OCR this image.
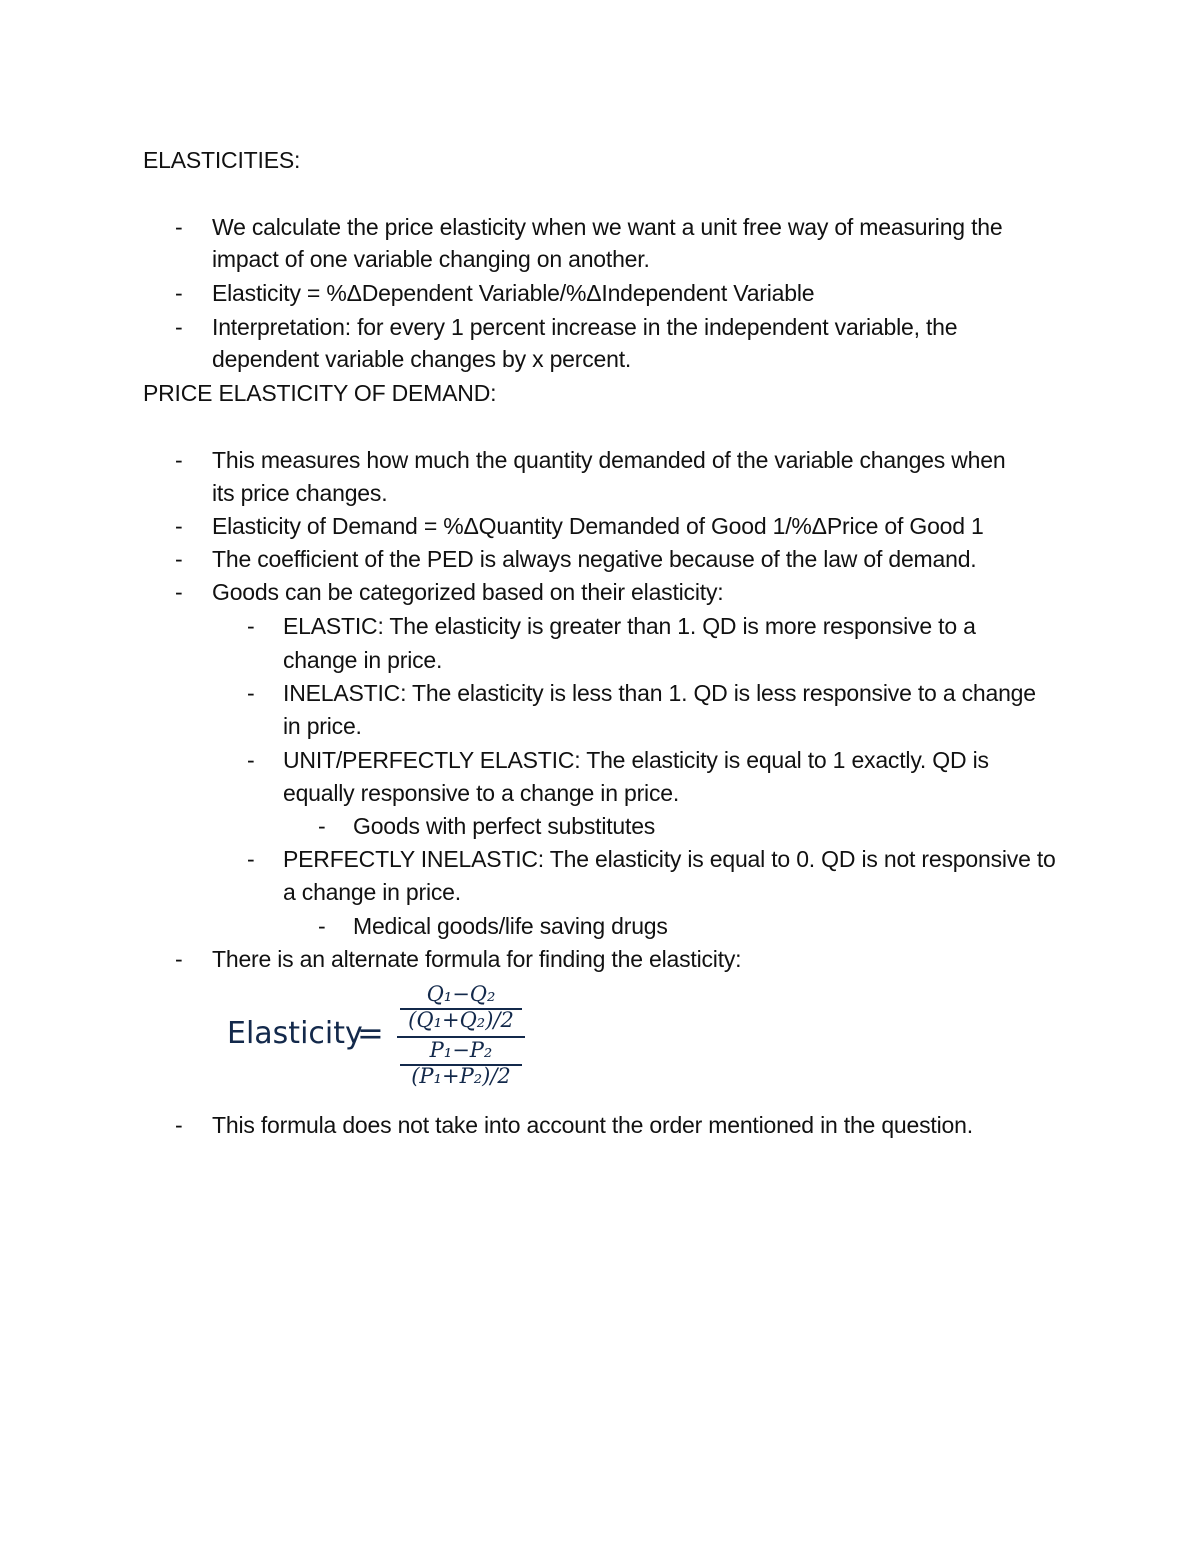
ELASTICITIES:
- We calculate the price elasticity when we want a unit free way of measuring the
impact of one variable changing on another.
- Elasticity = %ΔDependent Variable/%ΔIndependent Variable
- Interpretation: for every 1 percent increase in the independent variable, the
dependent variable changes by x percent.
PRICE ELASTICITY OF DEMAND:
- This measures how much the quantity demanded of the variable changes when
its price changes.
- Elasticity of Demand = %ΔQuantity Demanded of Good 1/%ΔPrice of Good 1
- The coefficient of the PED is always negative because of the law of demand.
- Goods can be categorized based on their elasticity:
- ELASTIC: The elasticity is greater than 1. QD is more responsive to a
change in price.
- INELASTIC: The elasticity is less than 1. QD is less responsive to a change
in price.
- UNIT/PERFECTLY ELASTIC: The elasticity is equal to 1 exactly. QD is
equally responsive to a change in price.
- Goods with perfect substitutes
- PERFECTLY INELASTIC: The elasticity is equal to 0. QD is not responsive to
a change in price.
- Medical goods/life saving drugs
- There is an alternate formula for finding the elasticity:
Elasticity
=
Q₁−Q₂
(Q₁+Q₂)/2
P₁−P₂
(P₁+P₂)/2
- This formula does not take into account the order mentioned in the question.
